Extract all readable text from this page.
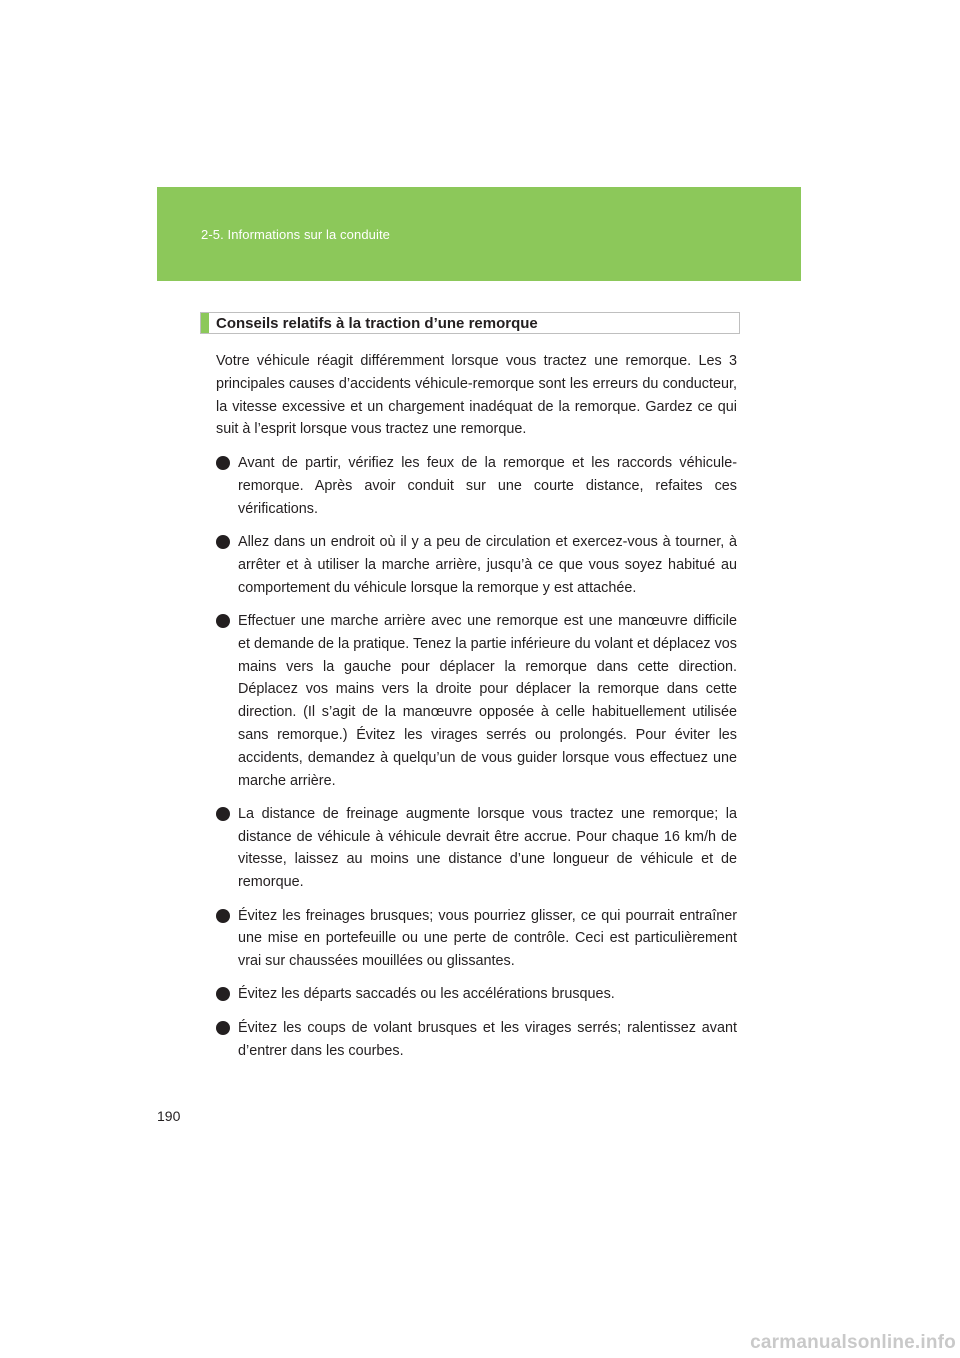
2-5. Informations sur la conduite
Conseils relatifs à la traction d’une remorque

Votre véhicule réagit différemment lorsque vous tractez une remorque. Les 3 principales causes d’accidents véhicule-remorque sont les erreurs du conducteur, la vitesse excessive et un chargement inadéquat de la remorque. Gardez ce qui suit à l’esprit lorsque vous tractez une remorque.

Avant de partir, vérifiez les feux de la remorque et les raccords véhicule-remorque. Après avoir conduit sur une courte distance, refaites ces vérifications.
Allez dans un endroit où il y a peu de circulation et exercez-vous à tourner, à arrêter et à utiliser la marche arrière, jusqu’à ce que vous soyez habitué au comportement du véhicule lorsque la remorque y est attachée.
Effectuer une marche arrière avec une remorque est une manœuvre difficile et demande de la pratique. Tenez la partie inférieure du volant et déplacez vos mains vers la gauche pour déplacer la remorque dans cette direction. Déplacez vos mains vers la droite pour déplacer la remorque dans cette direction. (Il s’agit de la manœuvre opposée à celle habituellement utilisée sans remorque.) Évitez les virages serrés ou prolongés. Pour éviter les accidents, demandez à quelqu’un de vous guider lorsque vous effectuez une marche arrière.
La distance de freinage augmente lorsque vous tractez une remorque; la distance de véhicule à véhicule devrait être accrue. Pour chaque 16 km/h de vitesse, laissez au moins une distance d’une longueur de véhicule et de remorque.
Évitez les freinages brusques; vous pourriez glisser, ce qui pourrait entraîner une mise en portefeuille ou une perte de contrôle. Ceci est particulièrement vrai sur chaussées mouillées ou glissantes.
Évitez les départs saccadés ou les accélérations brusques.
Évitez les coups de volant brusques et les virages serrés; ralentissez avant d’entrer dans les courbes.
190
carmanualsonline.info
